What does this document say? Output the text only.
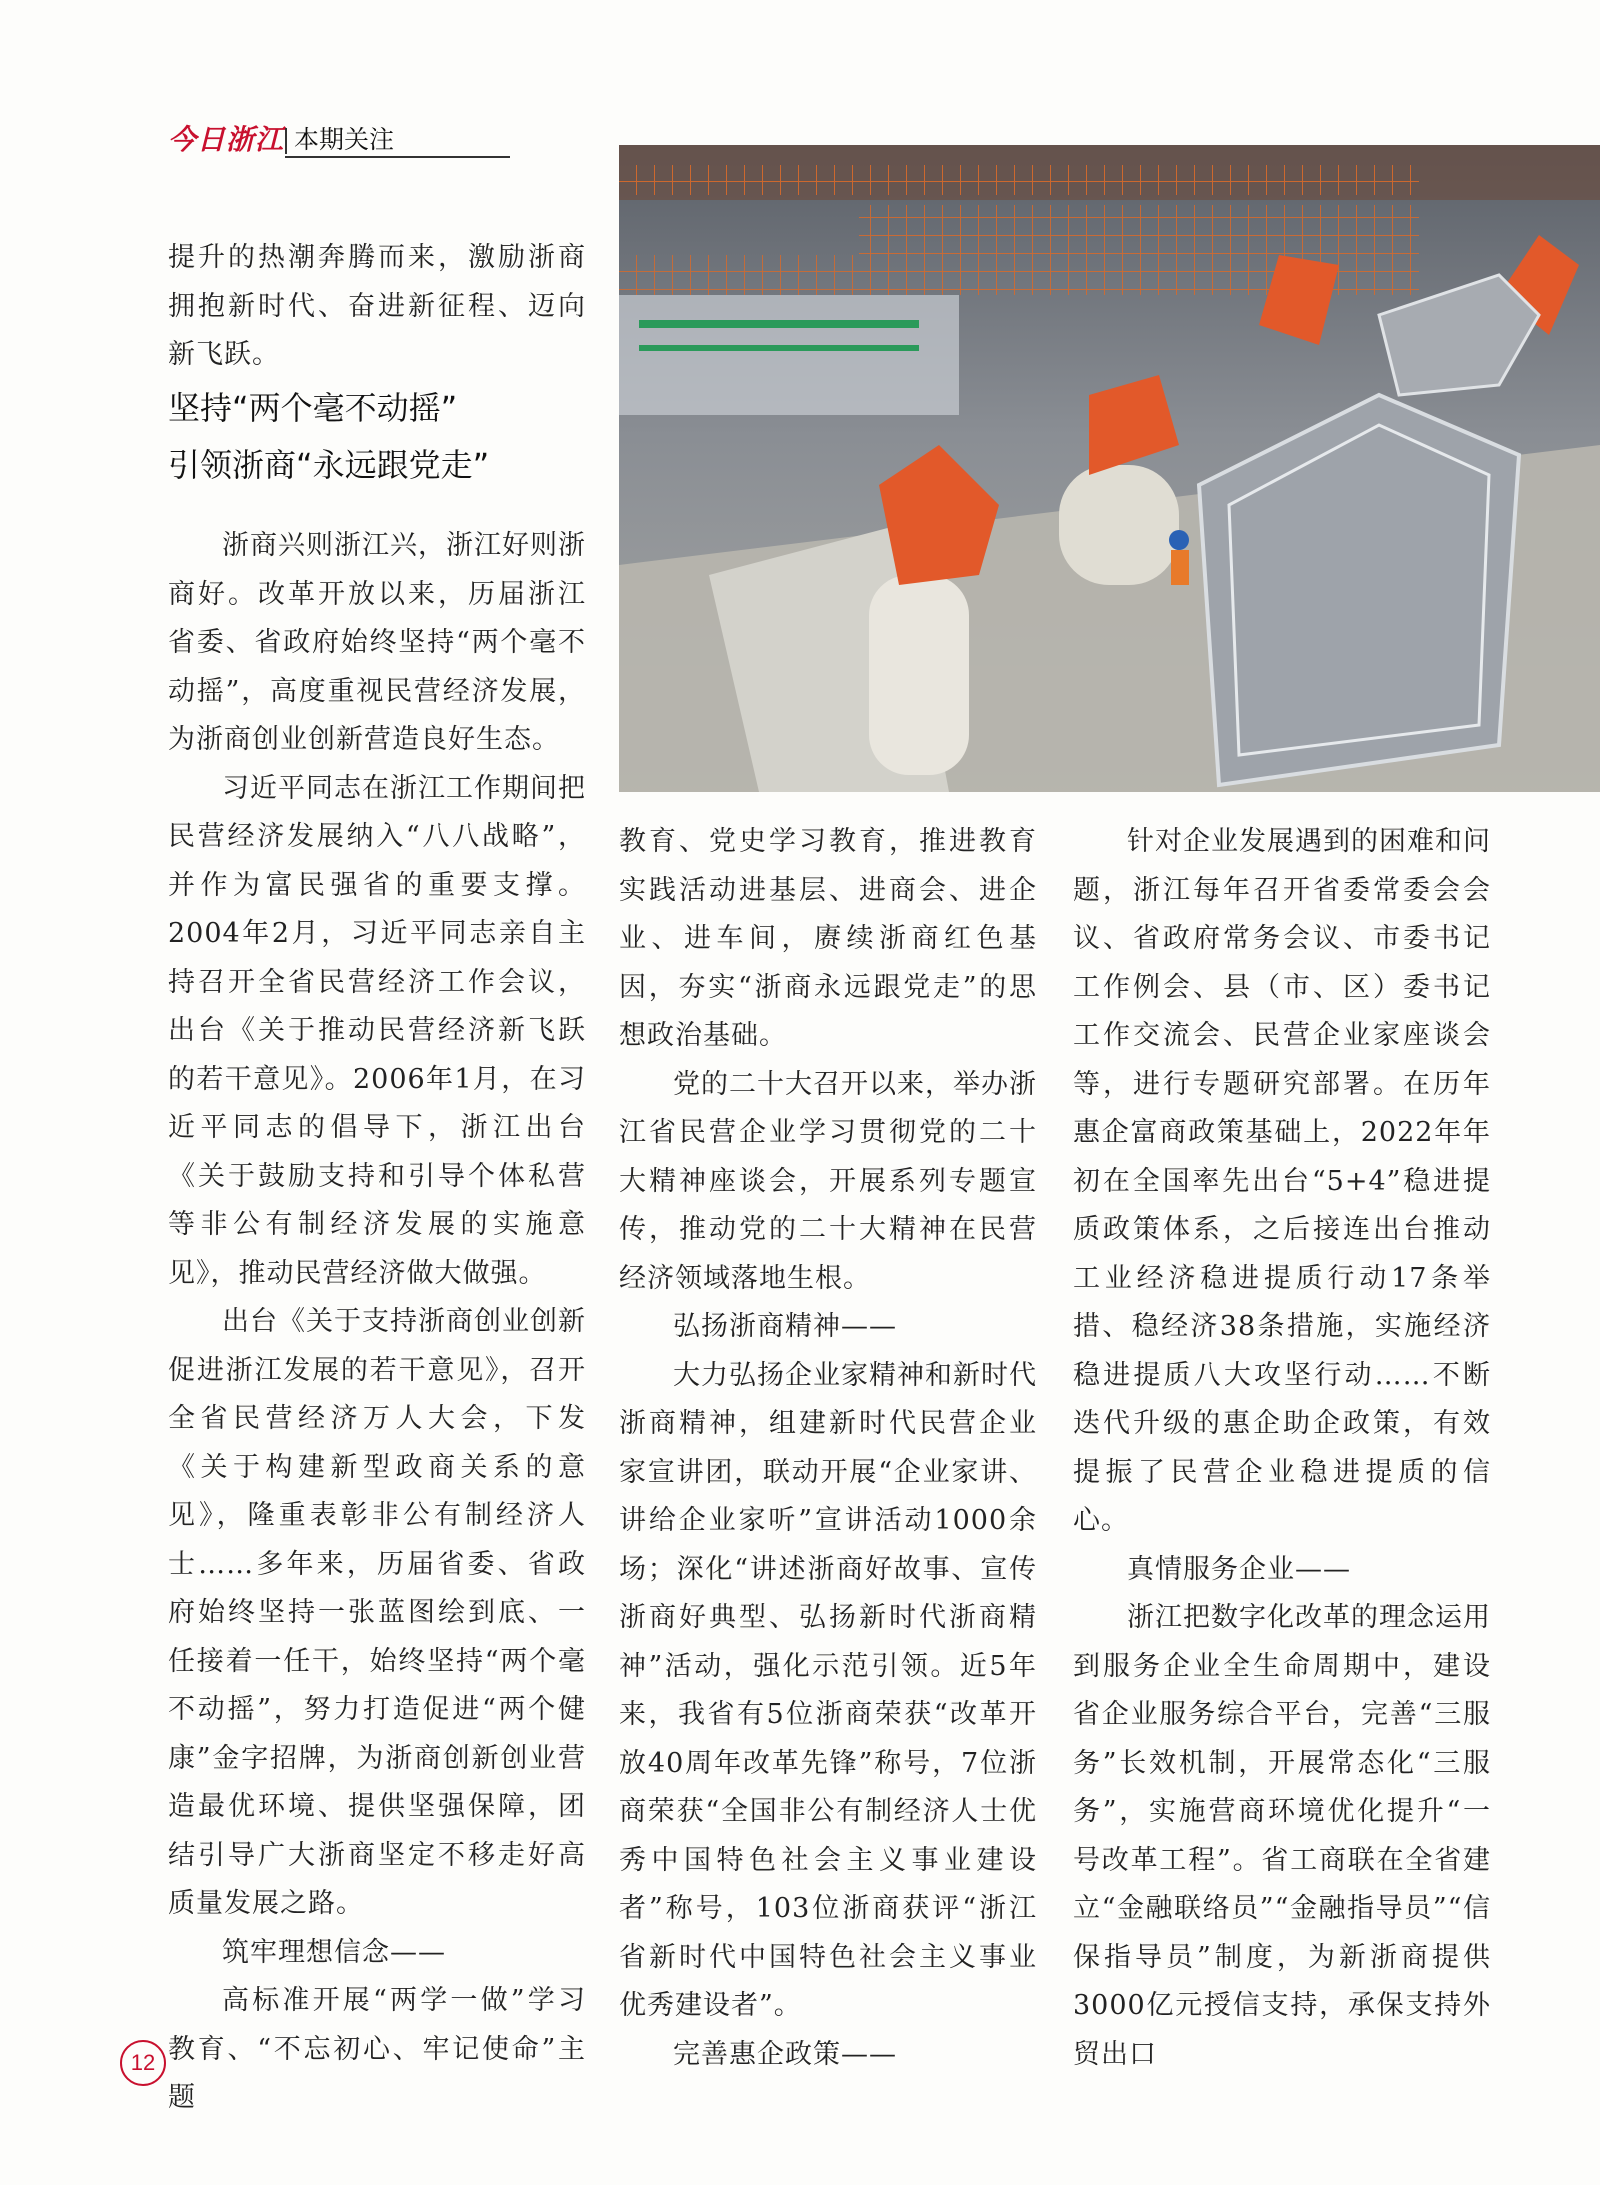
今日浙江 本期关注

提升的热潮奔腾而来，激励浙商拥抱新时代、奋进新征程、迈向新飞跃。

坚持“两个毫不动摇”
引领浙商“永远跟党走”

浙商兴则浙江兴，浙江好则浙商好。改革开放以来，历届浙江省委、省政府始终坚持“两个毫不动摇”，高度重视民营经济发展，为浙商创业创新营造良好生态。

习近平同志在浙江工作期间把民营经济发展纳入“八八战略”，并作为富民强省的重要支撑。2004年2月，习近平同志亲自主持召开全省民营经济工作会议，出台《关于推动民营经济新飞跃的若干意见》。2006年1月，在习近平同志的倡导下，浙江出台《关于鼓励支持和引导个体私营等非公有制经济发展的实施意见》，推动民营经济做大做强。

出台《关于支持浙商创业创新促进浙江发展的若干意见》，召开全省民营经济万人大会，下发《关于构建新型政商关系的意见》，隆重表彰非公有制经济人士……多年来，历届省委、省政府始终坚持一张蓝图绘到底、一任接着一任干，始终坚持“两个毫不动摇”，努力打造促进“两个健康”金字招牌，为浙商创新创业营造最优环境、提供坚强保障，团结引导广大浙商坚定不移走好高质量发展之路。

筑牢理想信念——

高标准开展“两学一做”学习教育、“不忘初心、牢记使命”主题

教育、党史学习教育，推进教育实践活动进基层、进商会、进企业、进车间，赓续浙商红色基因，夯实“浙商永远跟党走”的思想政治基础。

党的二十大召开以来，举办浙江省民营企业学习贯彻党的二十大精神座谈会，开展系列专题宣传，推动党的二十大精神在民营经济领域落地生根。

弘扬浙商精神——

大力弘扬企业家精神和新时代浙商精神，组建新时代民营企业家宣讲团，联动开展“企业家讲、讲给企业家听”宣讲活动1000余场；深化“讲述浙商好故事、宣传浙商好典型、弘扬新时代浙商精神”活动，强化示范引领。近5年来，我省有5位浙商荣获“改革开放40周年改革先锋”称号，7位浙商荣获“全国非公有制经济人士优秀中国特色社会主义事业建设者”称号，103位浙商获评“浙江省新时代中国特色社会主义事业优秀建设者”。

完善惠企政策——

针对企业发展遇到的困难和问题，浙江每年召开省委常委会会议、省政府常务会议、市委书记工作例会、县（市、区）委书记工作交流会、民营企业家座谈会等，进行专题研究部署。在历年惠企富商政策基础上，2022年年初在全国率先出台“5+4”稳进提质政策体系，之后接连出台推动工业经济稳进提质行动17条举措、稳经济38条措施，实施经济稳进提质八大攻坚行动……不断迭代升级的惠企助企政策，有效提振了民营企业稳进提质的信心。

真情服务企业——

浙江把数字化改革的理念运用到服务企业全生命周期中，建设省企业服务综合平台，完善“三服务”长效机制，开展常态化“三服务”，实施营商环境优化提升“一号改革工程”。省工商联在全省建立“金融联络员”“金融指导员”“信保指导员”制度，为新浙商提供3000亿元授信支持，承保支持外贸出口

12
